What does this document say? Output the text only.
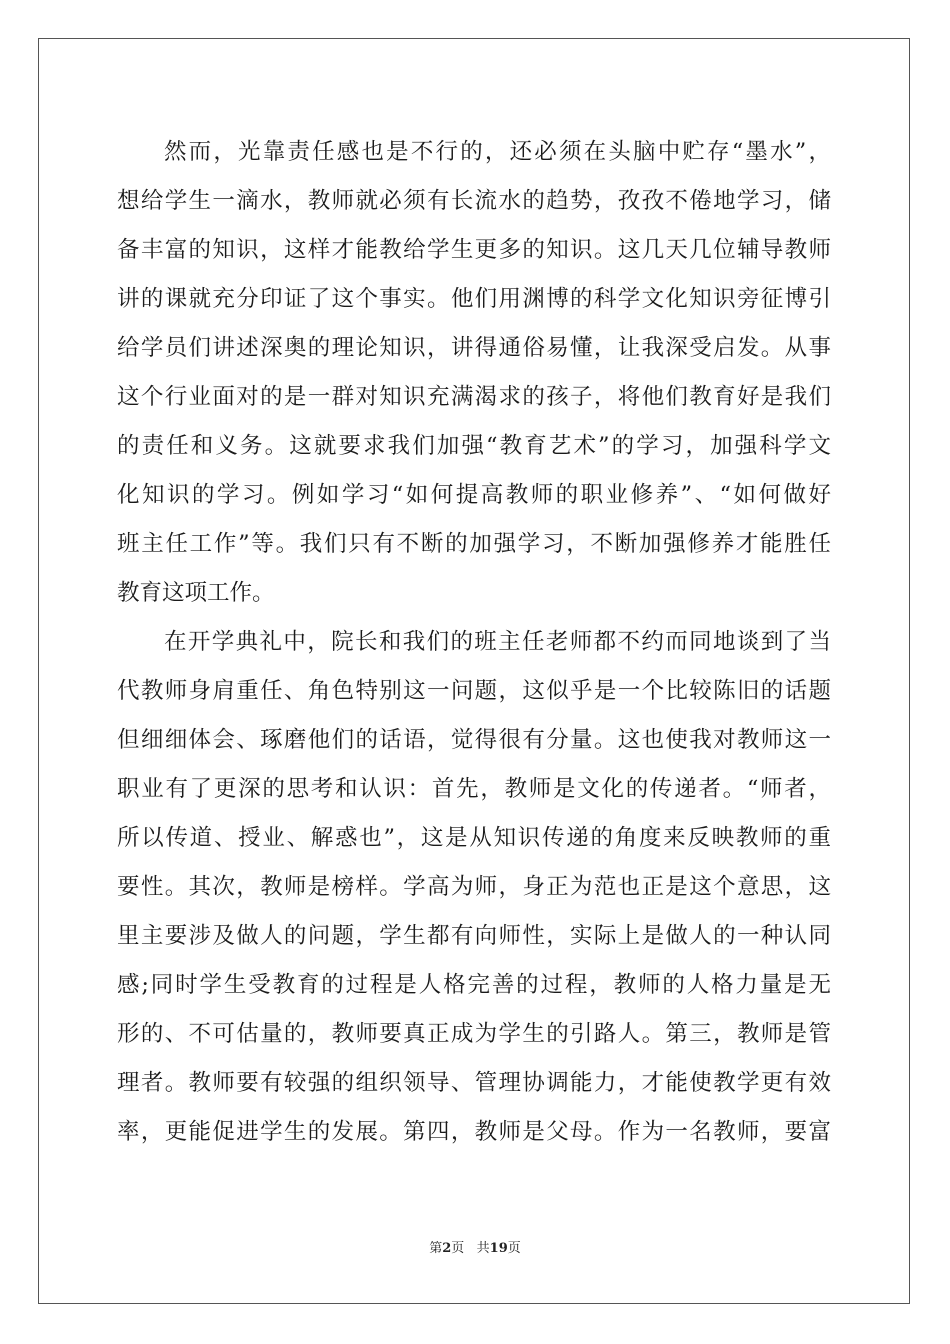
然而，光靠责任感也是不行的，还必须在头脑中贮存“墨水”，
想给学生一滴水，教师就必须有长流水的趋势，孜孜不倦地学习，储
备丰富的知识，这样才能教给学生更多的知识。这几天几位辅导教师
讲的课就充分印证了这个事实。他们用渊博的科学文化知识旁征博引
给学员们讲述深奥的理论知识，讲得通俗易懂，让我深受启发。从事
这个行业面对的是一群对知识充满渴求的孩子，将他们教育好是我们
的责任和义务。这就要求我们加强“教育艺术”的学习，加强科学文
化知识的学习。例如学习“如何提高教师的职业修养”、“如何做好
班主任工作”等。我们只有不断的加强学习，不断加强修养才能胜任
教育这项工作。
在开学典礼中，院长和我们的班主任老师都不约而同地谈到了当
代教师身肩重任、角色特别这一问题，这似乎是一个比较陈旧的话题
但细细体会、琢磨他们的话语，觉得很有分量。这也使我对教师这一
职业有了更深的思考和认识：首先，教师是文化的传递者。“师者，
所以传道、授业、解惑也”，这是从知识传递的角度来反映教师的重
要性。其次，教师是榜样。学高为师，身正为范也正是这个意思，这
里主要涉及做人的问题，学生都有向师性，实际上是做人的一种认同
感;同时学生受教育的过程是人格完善的过程，教师的人格力量是无
形的、不可估量的，教师要真正成为学生的引路人。第三，教师是管
理者。教师要有较强的组织领导、管理协调能力，才能使教学更有效
率，更能促进学生的发展。第四，教师是父母。作为一名教师，要富
第2页   共19页
